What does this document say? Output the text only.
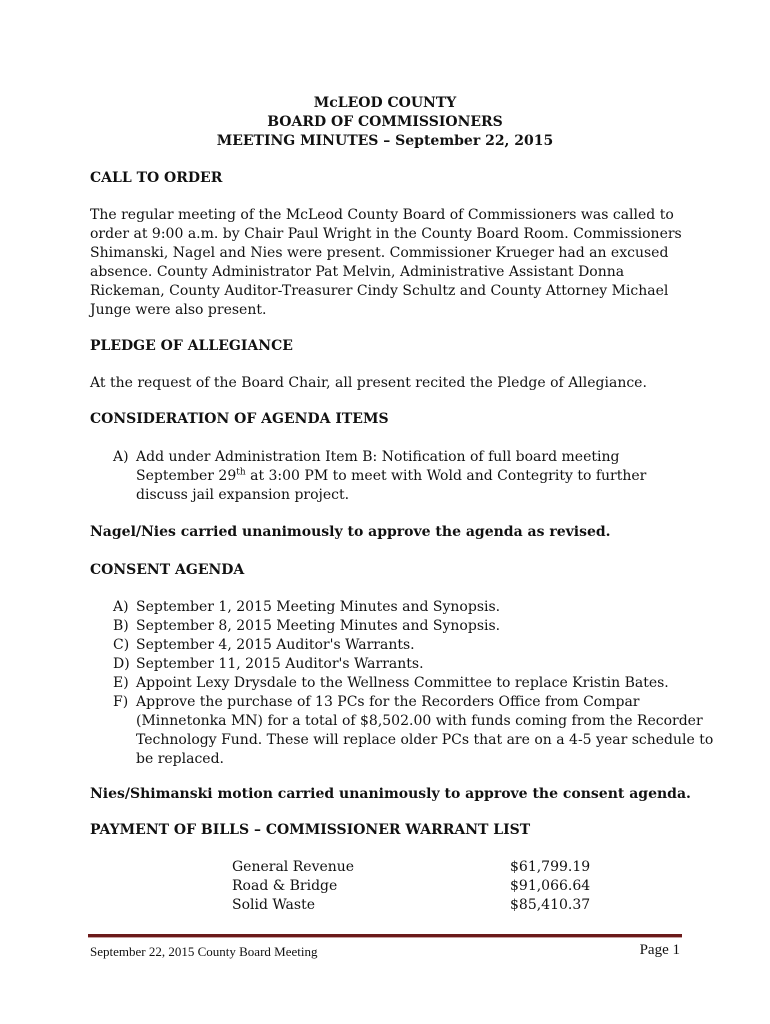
McLEOD COUNTY
BOARD OF COMMISSIONERS
MEETING MINUTES – September 22, 2015
CALL TO ORDER
The regular meeting of the McLeod County Board of Commissioners was called to
order at 9:00 a.m. by Chair Paul Wright in the County Board Room. Commissioners
Shimanski, Nagel and Nies were present. Commissioner Krueger had an excused
absence. County Administrator Pat Melvin, Administrative Assistant Donna
Rickeman, County Auditor-Treasurer Cindy Schultz and County Attorney Michael
Junge were also present.
PLEDGE OF ALLEGIANCE
At the request of the Board Chair, all present recited the Pledge of Allegiance.
CONSIDERATION OF AGENDA ITEMS
A) Add under Administration Item B: Notification of full board meeting
September 29th at 3:00 PM to meet with Wold and Contegrity to further
discuss jail expansion project.
Nagel/Nies carried unanimously to approve the agenda as revised.
CONSENT AGENDA
A) September 1, 2015 Meeting Minutes and Synopsis.
B) September 8, 2015 Meeting Minutes and Synopsis.
C) September 4, 2015 Auditor's Warrants.
D) September 11, 2015 Auditor's Warrants.
E) Appoint Lexy Drysdale to the Wellness Committee to replace Kristin Bates.
F) Approve the purchase of 13 PCs for the Recorders Office from Compar
(Minnetonka MN) for a total of $8,502.00 with funds coming from the Recorder
Technology Fund. These will replace older PCs that are on a 4-5 year schedule to
be replaced.
Nies/Shimanski motion carried unanimously to approve the consent agenda.
PAYMENT OF BILLS – COMMISSIONER WARRANT LIST
General Revenue	$61,799.19
Road & Bridge	$91,066.64
Solid Waste	$85,410.37
September 22, 2015 County Board Meeting	Page 1
